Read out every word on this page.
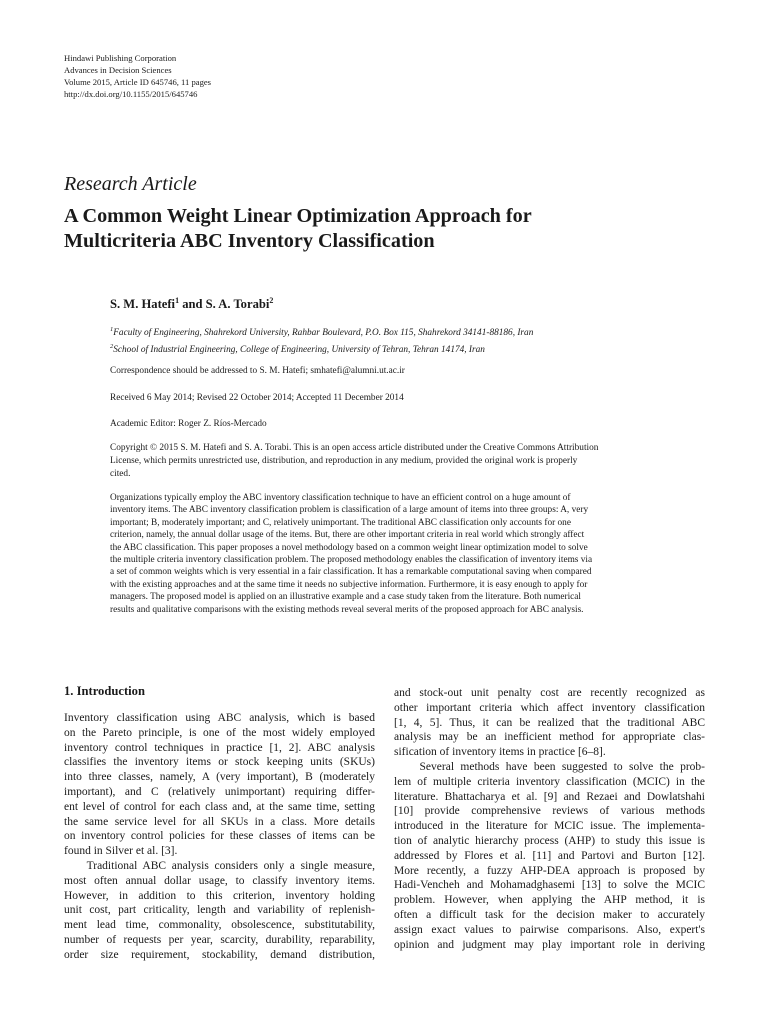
Hindawi Publishing Corporation
Advances in Decision Sciences
Volume 2015, Article ID 645746, 11 pages
http://dx.doi.org/10.1155/2015/645746
Research Article
A Common Weight Linear Optimization Approach for
Multicriteria ABC Inventory Classification
S. M. Hatefi$^1$ and S. A. Torabi$^2$
$^1$Faculty of Engineering, Shahrekord University, Rahbar Boulevard, P.O. Box 115, Shahrekord 34141-88186, Iran
$^2$School of Industrial Engineering, College of Engineering, University of Tehran, Tehran 14174, Iran
Correspondence should be addressed to S. M. Hatefi; smhatefi@alumni.ut.ac.ir
Received 6 May 2014; Revised 22 October 2014; Accepted 11 December 2014
Academic Editor: Roger Z. Ríos-Mercado
Copyright © 2015 S. M. Hatefi and S. A. Torabi. This is an open access article distributed under the Creative Commons Attribution
License, which permits unrestricted use, distribution, and reproduction in any medium, provided the original work is properly
cited.
Organizations typically employ the ABC inventory classification technique to have an efficient control on a huge amount of
inventory items. The ABC inventory classification problem is classification of a large amount of items into three groups: A, very
important; B, moderately important; and C, relatively unimportant. The traditional ABC classification only accounts for one
criterion, namely, the annual dollar usage of the items. But, there are other important criteria in real world which strongly affect
the ABC classification. This paper proposes a novel methodology based on a common weight linear optimization model to solve
the multiple criteria inventory classification problem. The proposed methodology enables the classification of inventory items via
a set of common weights which is very essential in a fair classification. It has a remarkable computational saving when compared
with the existing approaches and at the same time it needs no subjective information. Furthermore, it is easy enough to apply for
managers. The proposed model is applied on an illustrative example and a case study taken from the literature. Both numerical
results and qualitative comparisons with the existing methods reveal several merits of the proposed approach for ABC analysis.
1. Introduction
Inventory classification using ABC analysis, which is based
on the Pareto principle, is one of the most widely employed
inventory control techniques in practice [1, 2]. ABC analysis
classifies the inventory items or stock keeping units (SKUs)
into three classes, namely, A (very important), B (moderately
important), and C (relatively unimportant) requiring differ-
ent level of control for each class and, at the same time, setting
the same service level for all SKUs in a class. More details
on inventory control policies for these classes of items can be
found in Silver et al. [3].
Traditional ABC analysis considers only a single measure,
most often annual dollar usage, to classify inventory items.
However, in addition to this criterion, inventory holding
unit cost, part criticality, length and variability of replenish-
ment lead time, commonality, obsolescence, substitutability,
number of requests per year, scarcity, durability, reparability,
order size requirement, stockability, demand distribution,
and stock-out unit penalty cost are recently recognized as
other important criteria which affect inventory classification
[1, 4, 5]. Thus, it can be realized that the traditional ABC
analysis may be an inefficient method for appropriate clas-
sification of inventory items in practice [6–8].
Several methods have been suggested to solve the prob-
lem of multiple criteria inventory classification (MCIC) in the
literature. Bhattacharya et al. [9] and Rezaei and Dowlatshahi
[10] provide comprehensive reviews of various methods
introduced in the literature for MCIC issue. The implementa-
tion of analytic hierarchy process (AHP) to study this issue is
addressed by Flores et al. [11] and Partovi and Burton [12].
More recently, a fuzzy AHP-DEA approach is proposed by
Hadi-Vencheh and Mohamadghasemi [13] to solve the MCIC
problem. However, when applying the AHP method, it is
often a difficult task for the decision maker to accurately
assign exact values to pairwise comparisons. Also, expert's
opinion and judgment may play important role in deriving
